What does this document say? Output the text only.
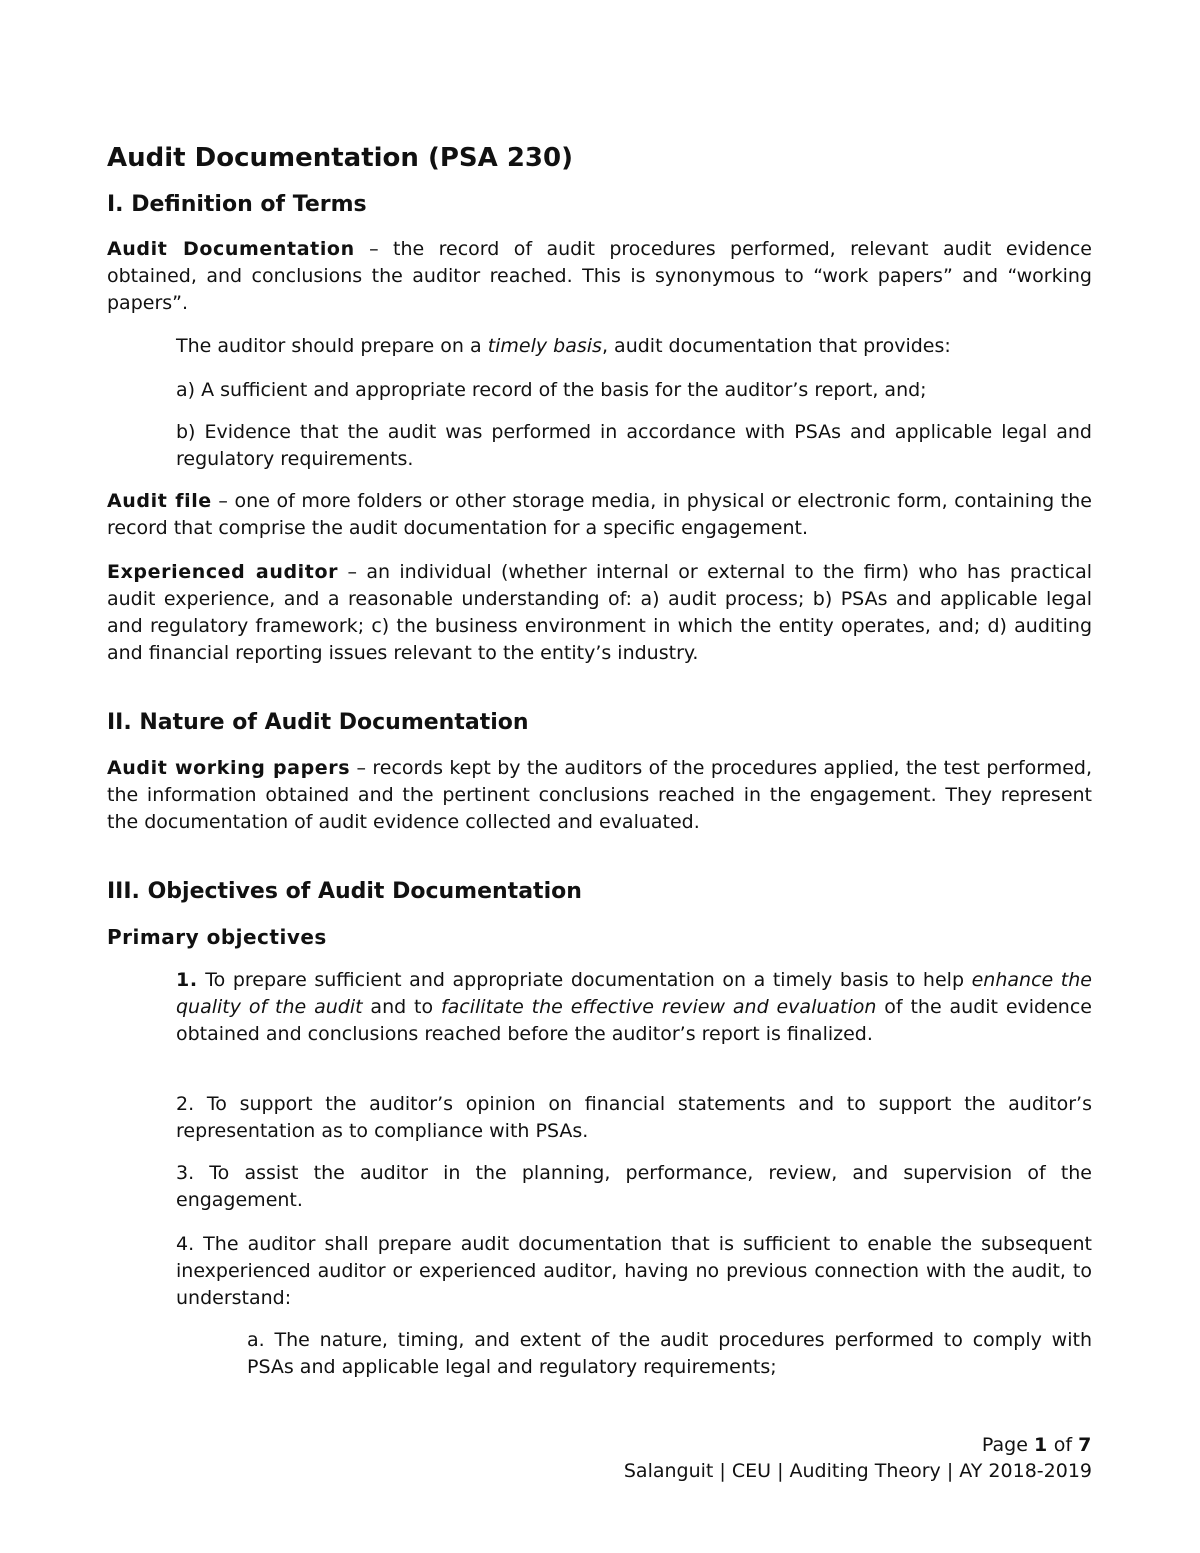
Audit Documentation (PSA 230)
I. Definition of Terms
Audit Documentation – the record of audit procedures performed, relevant audit evidence obtained, and conclusions the auditor reached. This is synonymous to “work papers” and “working papers”.
The auditor should prepare on a timely basis, audit documentation that provides:
a) A sufficient and appropriate record of the basis for the auditor’s report, and;
b) Evidence that the audit was performed in accordance with PSAs and applicable legal and regulatory requirements.
Audit file – one of more folders or other storage media, in physical or electronic form, containing the record that comprise the audit documentation for a specific engagement.
Experienced auditor – an individual (whether internal or external to the firm) who has practical audit experience, and a reasonable understanding of: a) audit process; b) PSAs and applicable legal and regulatory framework; c) the business environment in which the entity operates, and; d) auditing and financial reporting issues relevant to the entity’s industry.
II. Nature of Audit Documentation
Audit working papers – records kept by the auditors of the procedures applied, the test performed, the information obtained and the pertinent conclusions reached in the engagement. They represent the documentation of audit evidence collected and evaluated.
III. Objectives of Audit Documentation
Primary objectives
1. To prepare sufficient and appropriate documentation on a timely basis to help enhance the quality of the audit and to facilitate the effective review and evaluation of the audit evidence obtained and conclusions reached before the auditor’s report is finalized.
2. To support the auditor’s opinion on financial statements and to support the auditor’s representation as to compliance with PSAs.
3. To assist the auditor in the planning, performance, review, and supervision of the engagement.
4. The auditor shall prepare audit documentation that is sufficient to enable the subsequent inexperienced auditor or experienced auditor, having no previous connection with the audit, to understand:
a. The nature, timing, and extent of the audit procedures performed to comply with PSAs and applicable legal and regulatory requirements;
Page 1 of 7
Salanguit | CEU | Auditing Theory | AY 2018-2019
